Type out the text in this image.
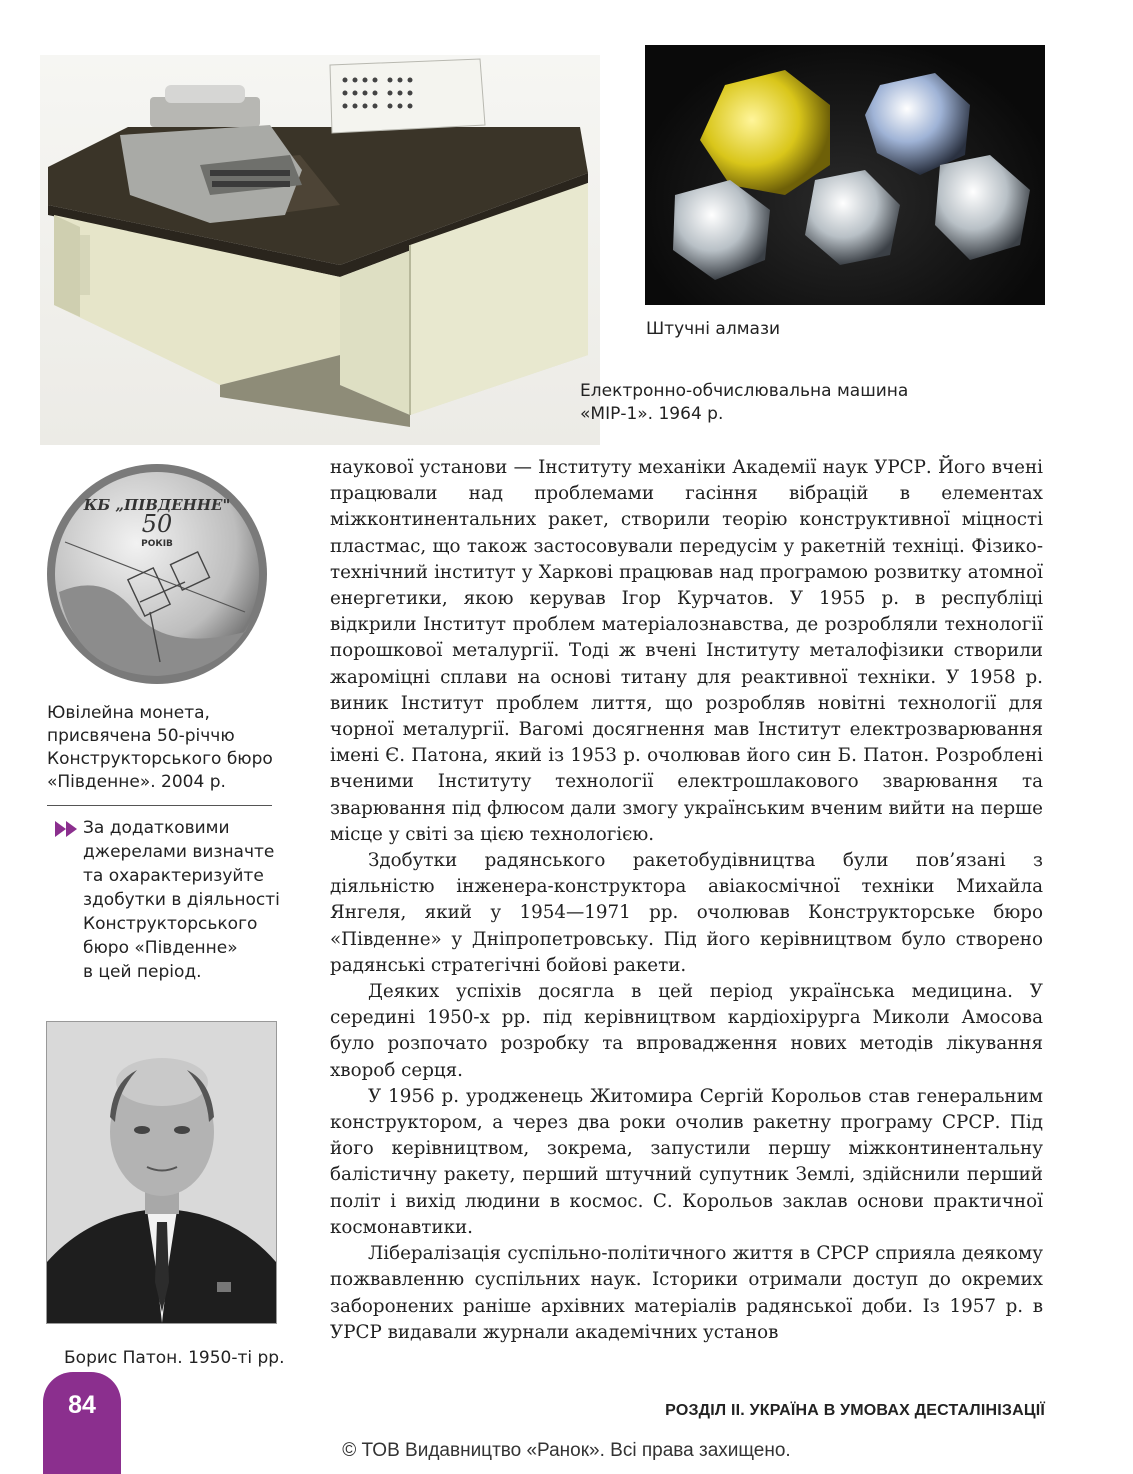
Електронно-обчислювальна машина
«МІР-1». 1964 р.
Штучні алмази
КБ „ПІВДЕННЕ"
50
РОКІВ
Ювілейна монета,
присвячена 50-річчю
Конструкторського бюро
«Південне». 2004 р.
За додатковими
джерелами визначте
та охарактеризуйте
здобутки в діяльності
Конструкторського
бюро «Південне»
в цей період.
Борис Патон. 1950-ті рр.

наукової установи — Інституту механіки Академії наук УРСР. Його вчені працювали над проблемами гасіння вібрацій в елементах міжконтинентальних ракет, створили теорію конструктивної міцності пластмас, що також застосовували передусім у ракетній техніці. Фізико-технічний інститут у Харкові працював над програмою розвитку атомної енергетики, якою керував Ігор Курчатов. У 1955 р. в республіці відкрили Інститут проблем матеріалознавства, де розробляли технології порошкової металургії. Тоді ж вчені Інституту металофізики створили жароміцні сплави на основі титану для реактивної техніки. У 1958 р. виник Інститут проблем лиття, що розробляв новітні технології для чорної металургії. Вагомі досягнення мав Інститут електрозварювання імені Є. Патона, який із 1953 р. очолював його син Б. Патон. Розроблені вченими Інституту технології електрошлакового зварювання та зварювання під флюсом дали змогу українським вченим вийти на перше місце у світі за цією технологією.

Здобутки радянського ракетобудівництва були пов’язані з діяльністю інженера-конструктора авіакосмічної техніки Михайла Янгеля, який у 1954—1971 рр. очолював Конструкторське бюро «Південне» у Дніпропетровську. Під його керівництвом було створено радянські стратегічні бойові ракети.

Деяких успіхів досягла в цей період українська медицина. У середині 1950-х рр. під керівництвом кардіохірурга Миколи Амосова було розпочато розробку та впровадження нових методів лікування хвороб серця.

У 1956 р. уродженець Житомира Сергій Корольов став генеральним конструктором, а через два роки очолив ракетну програму СРСР. Під його керівництвом, зокрема, запустили першу міжконтинентальну балістичну ракету, перший штучний супутник Землі, здійснили перший політ і вихід людини в космос. С. Корольов заклав основи практичної космонавтики.

Лібералізація суспільно-політичного життя в СРСР сприяла деякому пожвавленню суспільних наук. Історики отримали доступ до окремих заборонених раніше архівних матеріалів радянської доби. Із 1957 р. в УРСР видавали журнали академічних установ

84	РОЗДІЛ ІІ. УКРАЇНА В УМОВАХ ДЕСТАЛІНІЗАЦІЇ
© ТОВ Видавництво «Ранок». Всі права захищено.
